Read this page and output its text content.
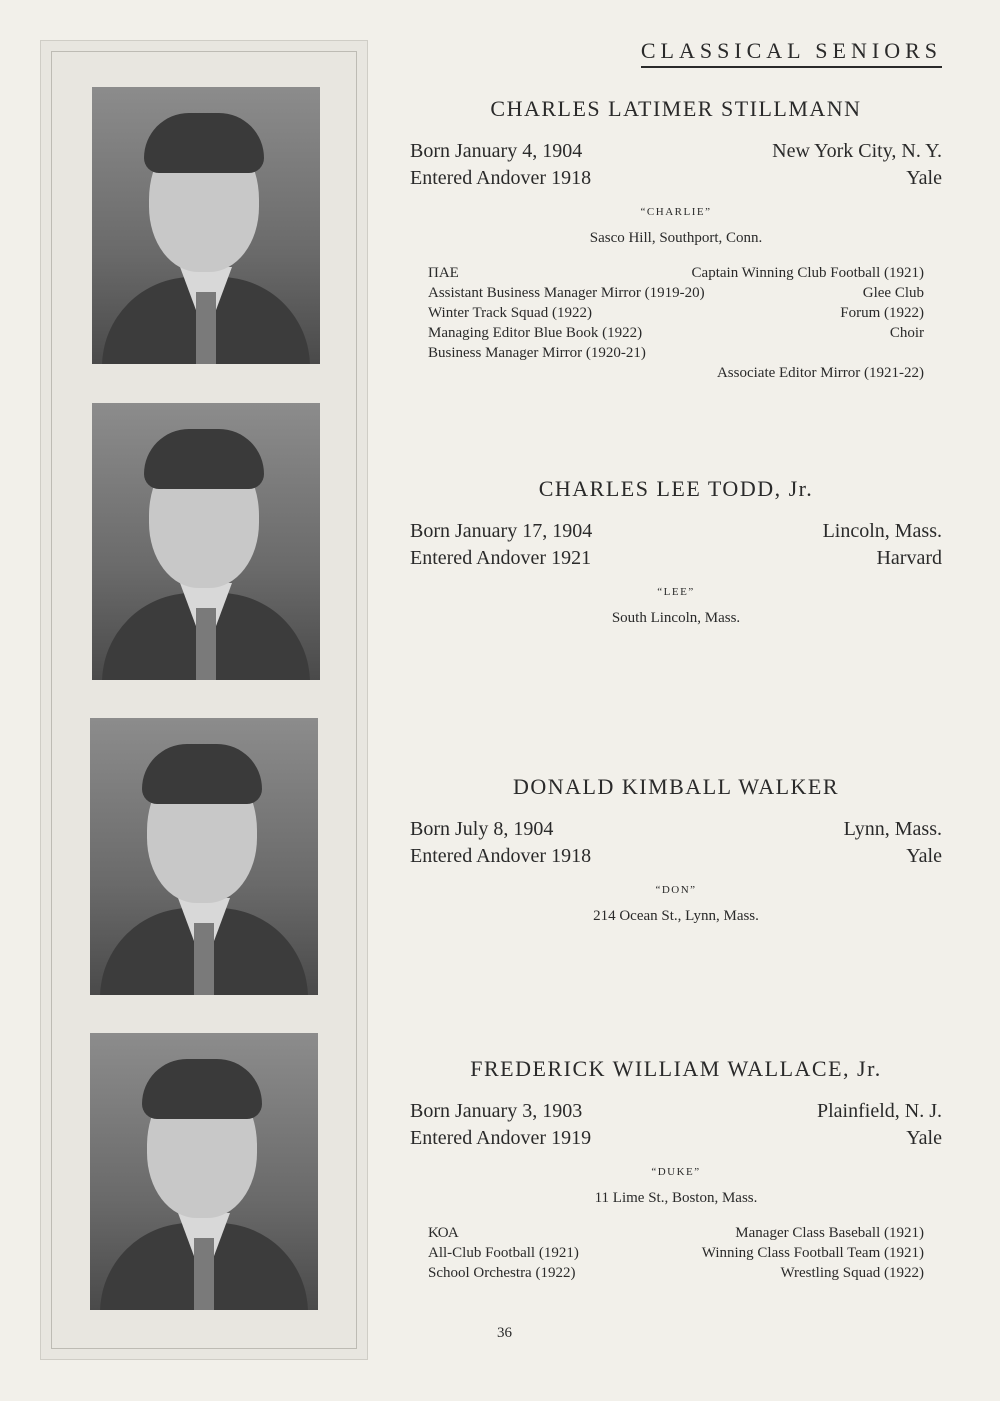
CLASSICAL SENIORS
CHARLES LATIMER STILLMANN
Born January 4, 1904	New York City, N. Y.
Entered Andover 1918	Yale
“CHARLIE”
Sasco Hill, Southport, Conn.
ΠΑΕ	Captain Winning Club Football (1921)
Assistant Business Manager Mirror (1919-20)	Glee Club
Winter Track Squad (1922)	Forum (1922)
Managing Editor Blue Book (1922)	Choir
Business Manager Mirror (1920-21)
Associate Editor Mirror (1921-22)
CHARLES LEE TODD, Jr.
Born January 17, 1904	Lincoln, Mass.
Entered Andover 1921	Harvard
“LEE”
South Lincoln, Mass.
DONALD KIMBALL WALKER
Born July 8, 1904	Lynn, Mass.
Entered Andover 1918	Yale
“DON”
214 Ocean St., Lynn, Mass.
FREDERICK WILLIAM WALLACE, Jr.
Born January 3, 1903	Plainfield, N. J.
Entered Andover 1919	Yale
“DUKE”
11 Lime St., Boston, Mass.
ΚΟΑ	Manager Class Baseball (1921)
All-Club Football (1921)	Winning Class Football Team (1921)
School Orchestra (1922)	Wrestling Squad (1922)
36
